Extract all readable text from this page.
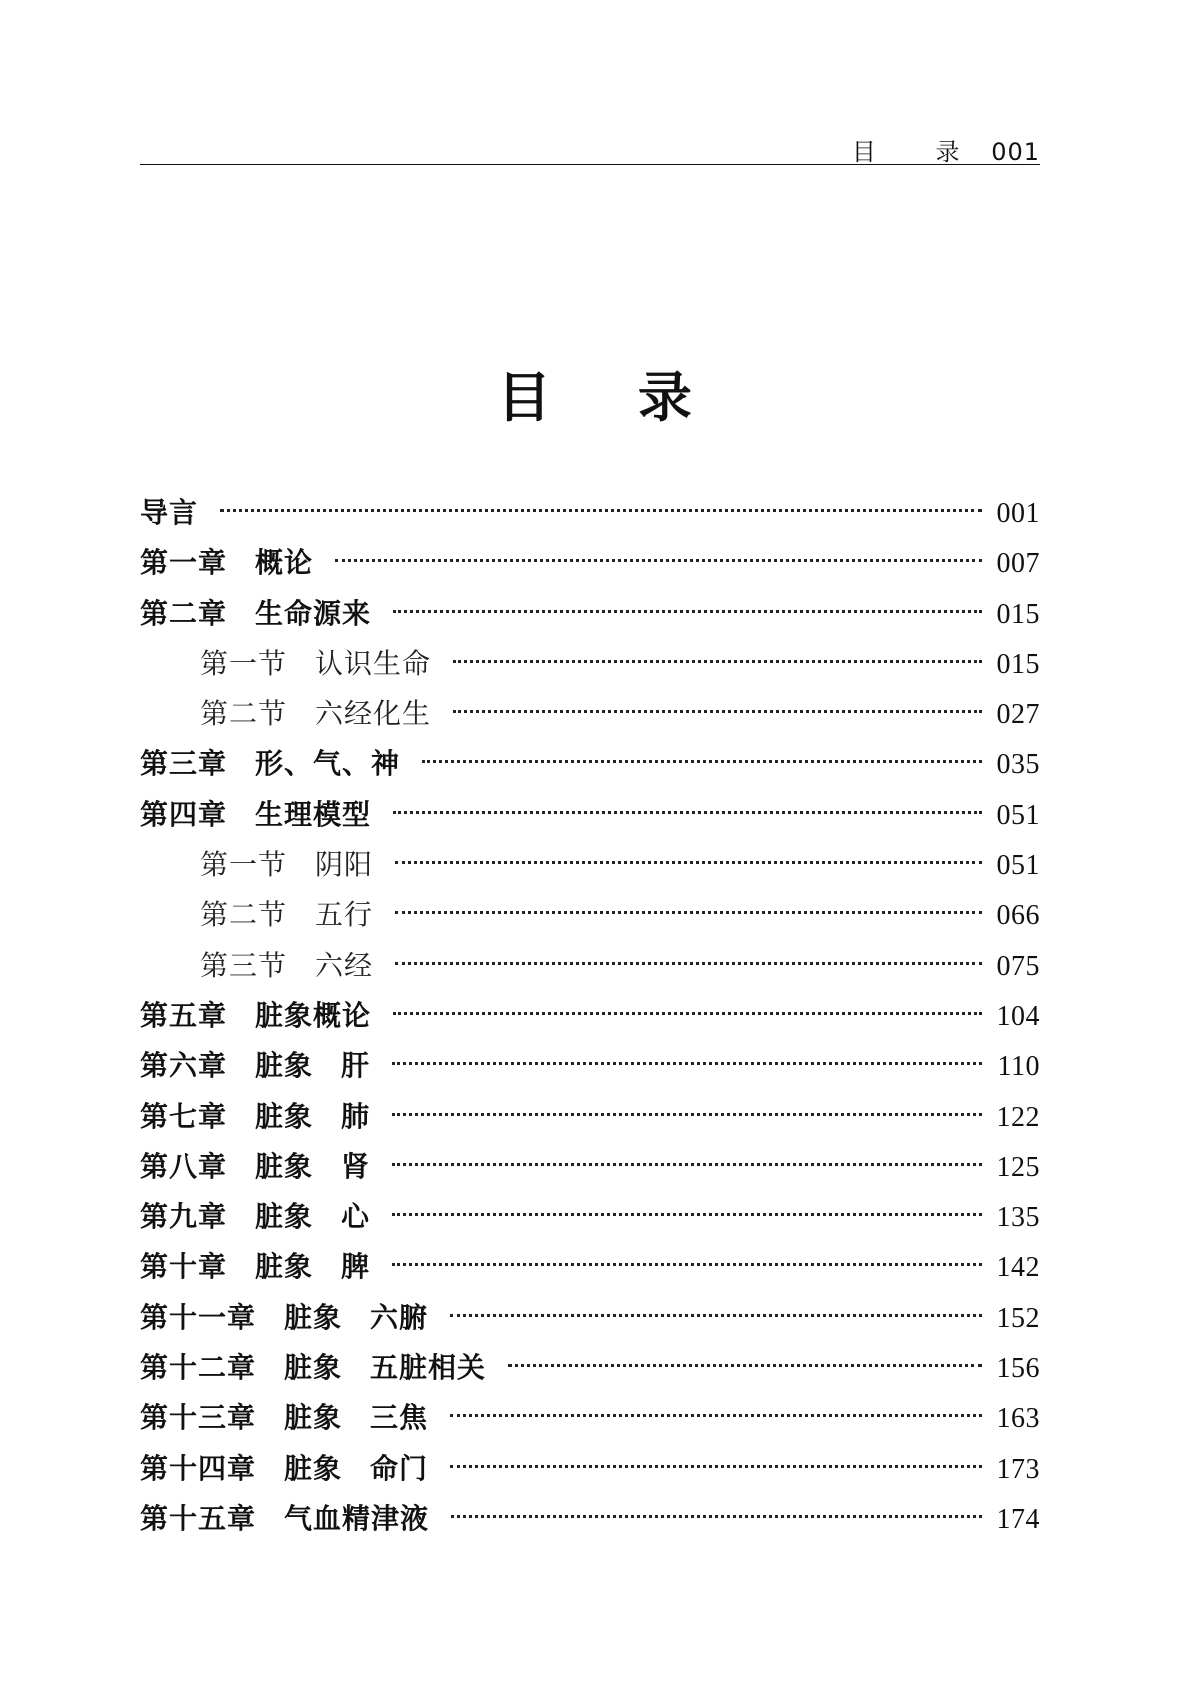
目 录 001
目 录
导言	001
第一章 概论	007
第二章 生命源来	015
第一节 认识生命	015
第二节 六经化生	027
第三章 形、气、神	035
第四章 生理模型	051
第一节 阴阳	051
第二节 五行	066
第三节 六经	075
第五章 脏象概论	104
第六章 脏象 肝	110
第七章 脏象 肺	122
第八章 脏象 肾	125
第九章 脏象 心	135
第十章 脏象 脾	142
第十一章 脏象 六腑	152
第十二章 脏象 五脏相关	156
第十三章 脏象 三焦	163
第十四章 脏象 命门	173
第十五章 气血精津液	174
